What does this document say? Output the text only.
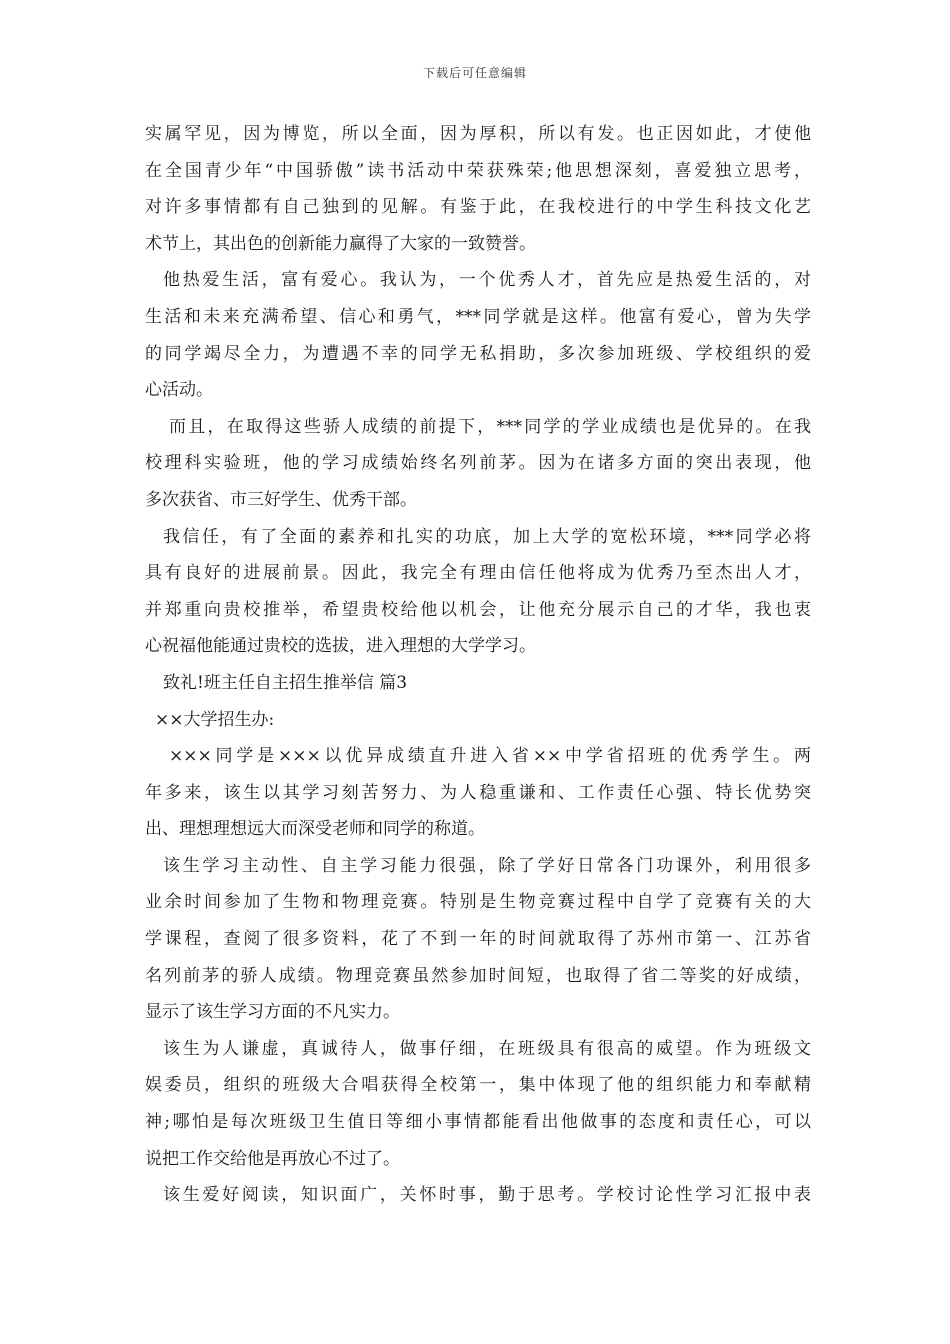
下载后可任意编辑
实属罕见，因为博览，所以全面，因为厚积，所以有发。也正因如此，才使他
在全国青少年“中国骄傲”读书活动中荣获殊荣;他思想深刻，喜爱独立思考，
对许多事情都有自己独到的见解。有鉴于此，在我校进行的中学生科技文化艺
术节上，其出色的创新能力赢得了大家的一致赞誉。
他热爱生活，富有爱心。我认为，一个优秀人才，首先应是热爱生活的，对
生活和未来充满希望、信心和勇气，***同学就是这样。他富有爱心，曾为失学
的同学竭尽全力，为遭遇不幸的同学无私捐助，多次参加班级、学校组织的爱
心活动。
而且，在取得这些骄人成绩的前提下，***同学的学业成绩也是优异的。在我
校理科实验班，他的学习成绩始终名列前茅。因为在诸多方面的突出表现，他
多次获省、市三好学生、优秀干部。
我信任，有了全面的素养和扎实的功底，加上大学的宽松环境，***同学必将
具有良好的进展前景。因此，我完全有理由信任他将成为优秀乃至杰出人才，
并郑重向贵校推举，希望贵校给他以机会，让他充分展示自己的才华，我也衷
心祝福他能通过贵校的选拔，进入理想的大学学习。
致礼!班主任自主招生推举信 篇3
××大学招生办:
×××同学是×××以优异成绩直升进入省××中学省招班的优秀学生。两
年多来，该生以其学习刻苦努力、为人稳重谦和、工作责任心强、特长优势突
出、理想理想远大而深受老师和同学的称道。
该生学习主动性、自主学习能力很强，除了学好日常各门功课外，利用很多
业余时间参加了生物和物理竞赛。特别是生物竞赛过程中自学了竞赛有关的大
学课程，查阅了很多资料，花了不到一年的时间就取得了苏州市第一、江苏省
名列前茅的骄人成绩。物理竞赛虽然参加时间短，也取得了省二等奖的好成绩，
显示了该生学习方面的不凡实力。
该生为人谦虚，真诚待人，做事仔细，在班级具有很高的威望。作为班级文
娱委员，组织的班级大合唱获得全校第一，集中体现了他的组织能力和奉献精
神;哪怕是每次班级卫生值日等细小事情都能看出他做事的态度和责任心，可以
说把工作交给他是再放心不过了。
该生爱好阅读，知识面广，关怀时事，勤于思考。学校讨论性学习汇报中表
